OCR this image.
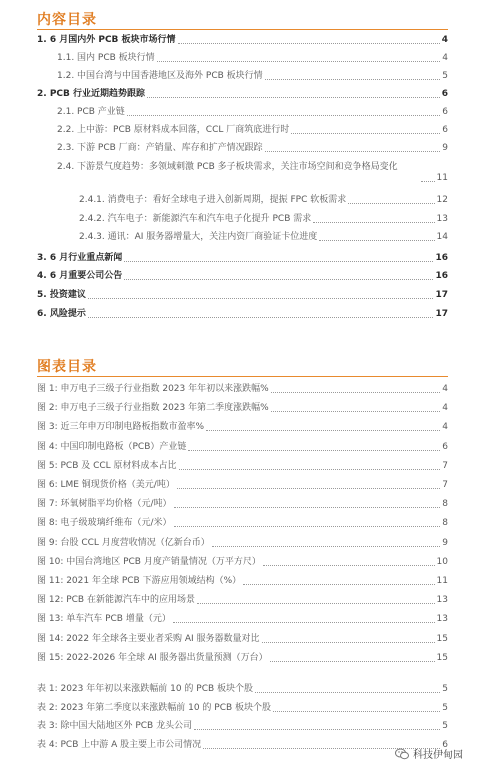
内容目录
图表目录
1. 6 月国内外 PCB 板块市场行情	4
1.1. 国内 PCB 板块行情	4
1.2. 中国台湾与中国香港地区及海外 PCB 板块行情	5
2. PCB 行业近期趋势跟踪	6
2.1. PCB 产业链	6
2.2. 上中游：PCB 原材料成本回落，CCL 厂商筑底进行时	6
2.3. 下游 PCB 厂商：产销量、库存和扩产情况跟踪	9
2.4. 下游景气度趋势：多领域刺激 PCB 多子板块需求，关注市场空间和竞争格局变化
11
2.4.1. 消费电子：看好全球电子进入创新周期，提振 FPC 软板需求	12
2.4.2. 汽车电子：新能源汽车和汽车电子化提升 PCB 需求	13
2.4.3. 通讯：AI 服务器增量大，关注内资厂商验证卡位进度	14
3. 6 月行业重点新闻	16
4. 6 月重要公司公告	16
5. 投资建议	17
6. 风险提示	17
图 1: 申万电子三级子行业指数 2023 年年初以来涨跌幅%	4
图 2: 申万电子三级子行业指数 2023 年第二季度涨跌幅%	4
图 3: 近三年申万印制电路板指数市盈率%	4
图 4: 中国印制电路板（PCB）产业链	6
图 5: PCB 及 CCL 原材料成本占比	7
图 6: LME 铜现货价格（美元/吨）	7
图 7: 环氧树脂平均价格（元/吨）	8
图 8: 电子级玻璃纤维布（元/米）	8
图 9: 台股 CCL 月度营收情况（亿新台币）	9
图 10: 中国台湾地区 PCB 月度产销量情况（万平方尺）	10
图 11: 2021 年全球 PCB 下游应用领域结构（%）	11
图 12: PCB 在新能源汽车中的应用场景	13
图 13: 单车汽车 PCB 增量（元）	13
图 14: 2022 年全球各主要业者采购 AI 服务器数量对比	15
图 15: 2022-2026 年全球 AI 服务器出货量预测（万台）	15
表 1: 2023 年年初以来涨跌幅前 10 的 PCB 板块个股	5
表 2: 2023 年第二季度以来涨跌幅前 10 的 PCB 板块个股	5
表 3: 除中国大陆地区外 PCB 龙头公司	5
表 4: PCB 上中游 A 股主要上市公司情况	6
科技伊甸园
